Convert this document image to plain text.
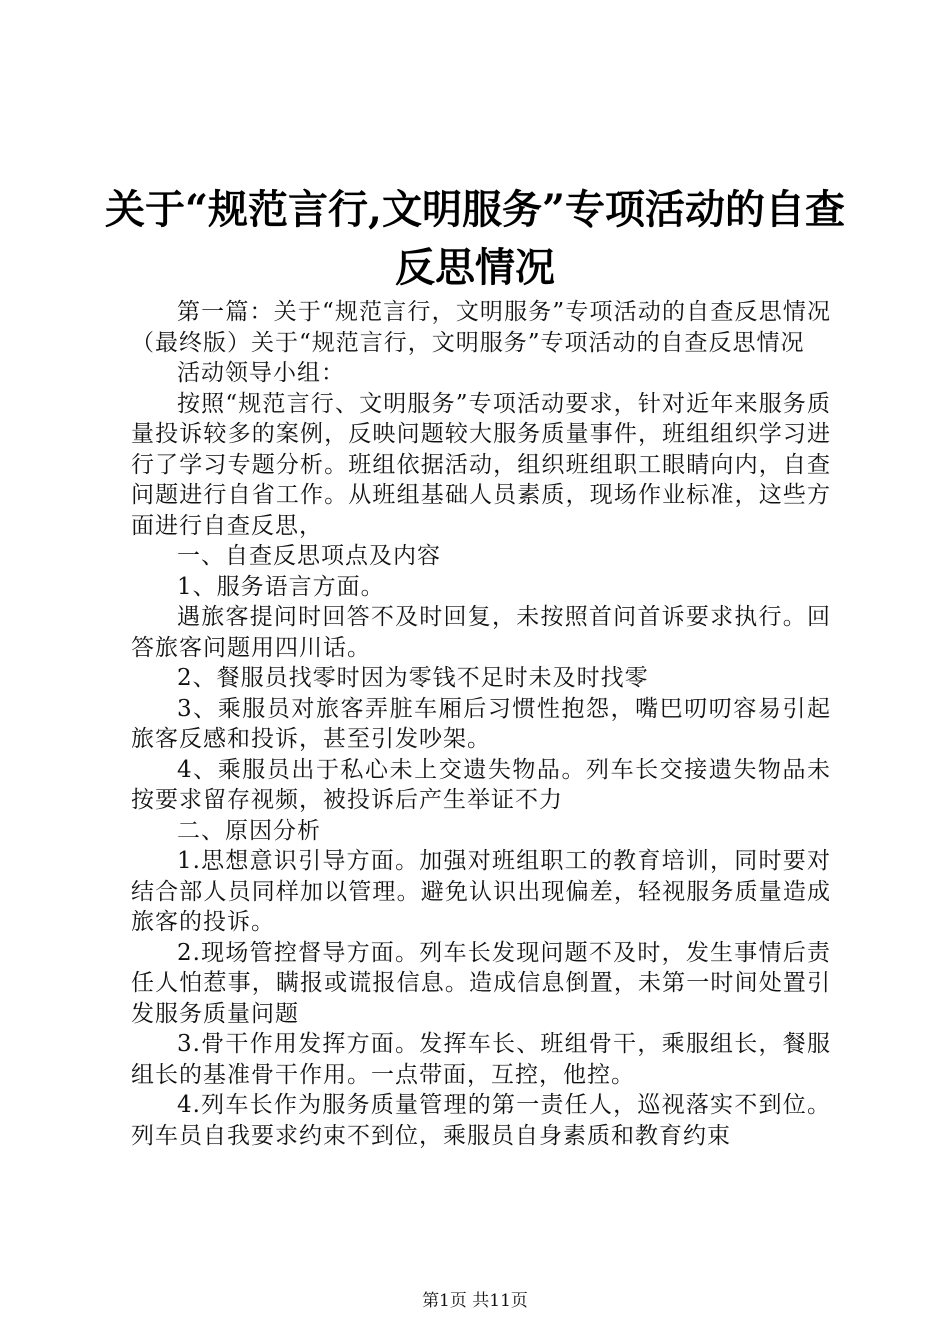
关于“规范言行,文明服务”专项活动的自查
反思情况

第一篇：关于“规范言行，文明服务”专项活动的自查反思情况（最终版）关于“规范言行，文明服务”专项活动的自查反思情况

活动领导小组：

按照“规范言行、文明服务”专项活动要求，针对近年来服务质量投诉较多的案例，反映问题较大服务质量事件，班组组织学习进行了学习专题分析。班组依据活动，组织班组职工眼睛向内，自查问题进行自省工作。从班组基础人员素质，现场作业标准，这些方面进行自查反思，

一、自查反思项点及内容

1、服务语言方面。

遇旅客提问时回答不及时回复，未按照首问首诉要求执行。回答旅客问题用四川话。

2、餐服员找零时因为零钱不足时未及时找零

3、乘服员对旅客弄脏车厢后习惯性抱怨，嘴巴叨叨容易引起旅客反感和投诉，甚至引发吵架。

4、乘服员出于私心未上交遗失物品。列车长交接遗失物品未按要求留存视频，被投诉后产生举证不力

二、原因分析

1.思想意识引导方面。加强对班组职工的教育培训，同时要对结合部人员同样加以管理。避免认识出现偏差，轻视服务质量造成旅客的投诉。

2.现场管控督导方面。列车长发现问题不及时，发生事情后责任人怕惹事，瞒报或谎报信息。造成信息倒置，未第一时间处置引发服务质量问题

3.骨干作用发挥方面。发挥车长、班组骨干，乘服组长，餐服组长的基准骨干作用。一点带面，互控，他控。

4.列车长作为服务质量管理的第一责任人，巡视落实不到位。列车员自我要求约束不到位，乘服员自身素质和教育约束

第1页 共11页
